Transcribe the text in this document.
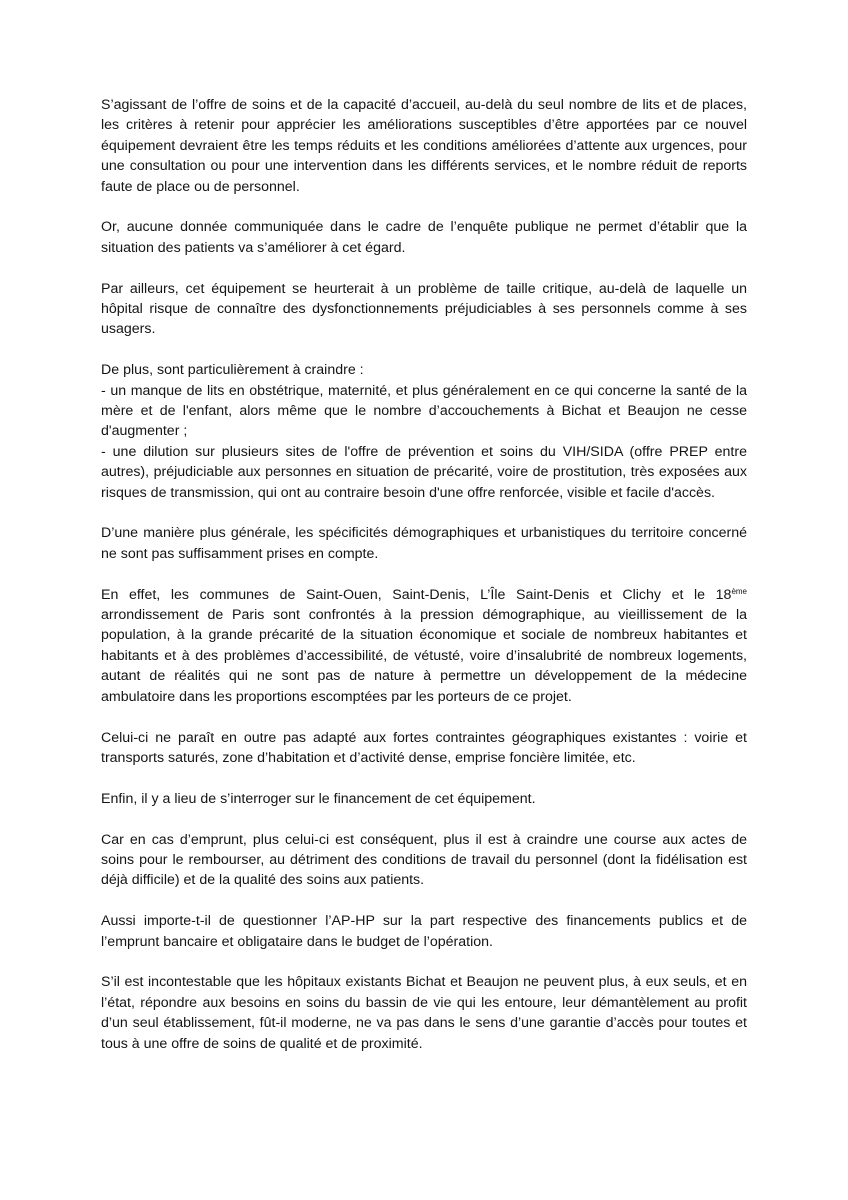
S’agissant de l’offre de soins et de la capacité d’accueil, au-delà du seul nombre de lits et de places, les critères à retenir pour apprécier les améliorations susceptibles d’être apportées par ce nouvel équipement devraient être les temps réduits et les conditions améliorées d’attente aux urgences, pour une consultation ou pour une intervention dans les différents services, et le nombre réduit de reports faute de place ou de personnel.

Or, aucune donnée communiquée dans le cadre de l’enquête publique ne permet d’établir que la situation des patients va s’améliorer à cet égard.

Par ailleurs, cet équipement se heurterait à un problème de taille critique, au-delà de laquelle un hôpital risque de connaître des dysfonctionnements préjudiciables à ses personnels comme à ses usagers.

De plus, sont particulièrement à craindre :
- un manque de lits en obstétrique, maternité, et plus généralement en ce qui concerne la santé de la mère et de l'enfant, alors même que le nombre d’accouchements à Bichat et Beaujon ne cesse d'augmenter ;
- une dilution sur plusieurs sites de l'offre de prévention et soins du VIH/SIDA (offre PREP entre autres), préjudiciable aux personnes en situation de précarité, voire de prostitution, très exposées aux risques de transmission, qui ont au contraire besoin d'une offre renforcée, visible et facile d'accès.

D’une manière plus générale, les spécificités démographiques et urbanistiques du territoire concerné ne sont pas suffisamment prises en compte.

En effet, les communes de Saint-Ouen, Saint-Denis, L’Île Saint-Denis et Clichy et le 18ème arrondissement de Paris sont confrontés à la pression démographique, au vieillissement de la population, à la grande précarité de la situation économique et sociale de nombreux habitantes et habitants et à des problèmes d’accessibilité, de vétusté, voire d’insalubrité de nombreux logements, autant de réalités qui ne sont pas de nature à permettre un développement de la médecine ambulatoire dans les proportions escomptées par les porteurs de ce projet.

Celui-ci ne paraît en outre pas adapté aux fortes contraintes géographiques existantes : voirie et transports saturés, zone d’habitation et d’activité dense, emprise foncière limitée, etc.

Enfin, il y a lieu de s’interroger sur le financement de cet équipement.

Car en cas d’emprunt, plus celui-ci est conséquent, plus il est à craindre une course aux actes de soins pour le rembourser, au détriment des conditions de travail du personnel (dont la fidélisation est déjà difficile) et de la qualité des soins aux patients.

Aussi importe-t-il de questionner l’AP-HP sur la part respective des financements publics et de l’emprunt bancaire et obligataire dans le budget de l’opération.

S’il est incontestable que les hôpitaux existants Bichat et Beaujon ne peuvent plus, à eux seuls, et en l’état, répondre aux besoins en soins du bassin de vie qui les entoure, leur démantèlement au profit d’un seul établissement, fût-il moderne, ne va pas dans le sens d’une garantie d’accès pour toutes et tous à une offre de soins de qualité et de proximité.
